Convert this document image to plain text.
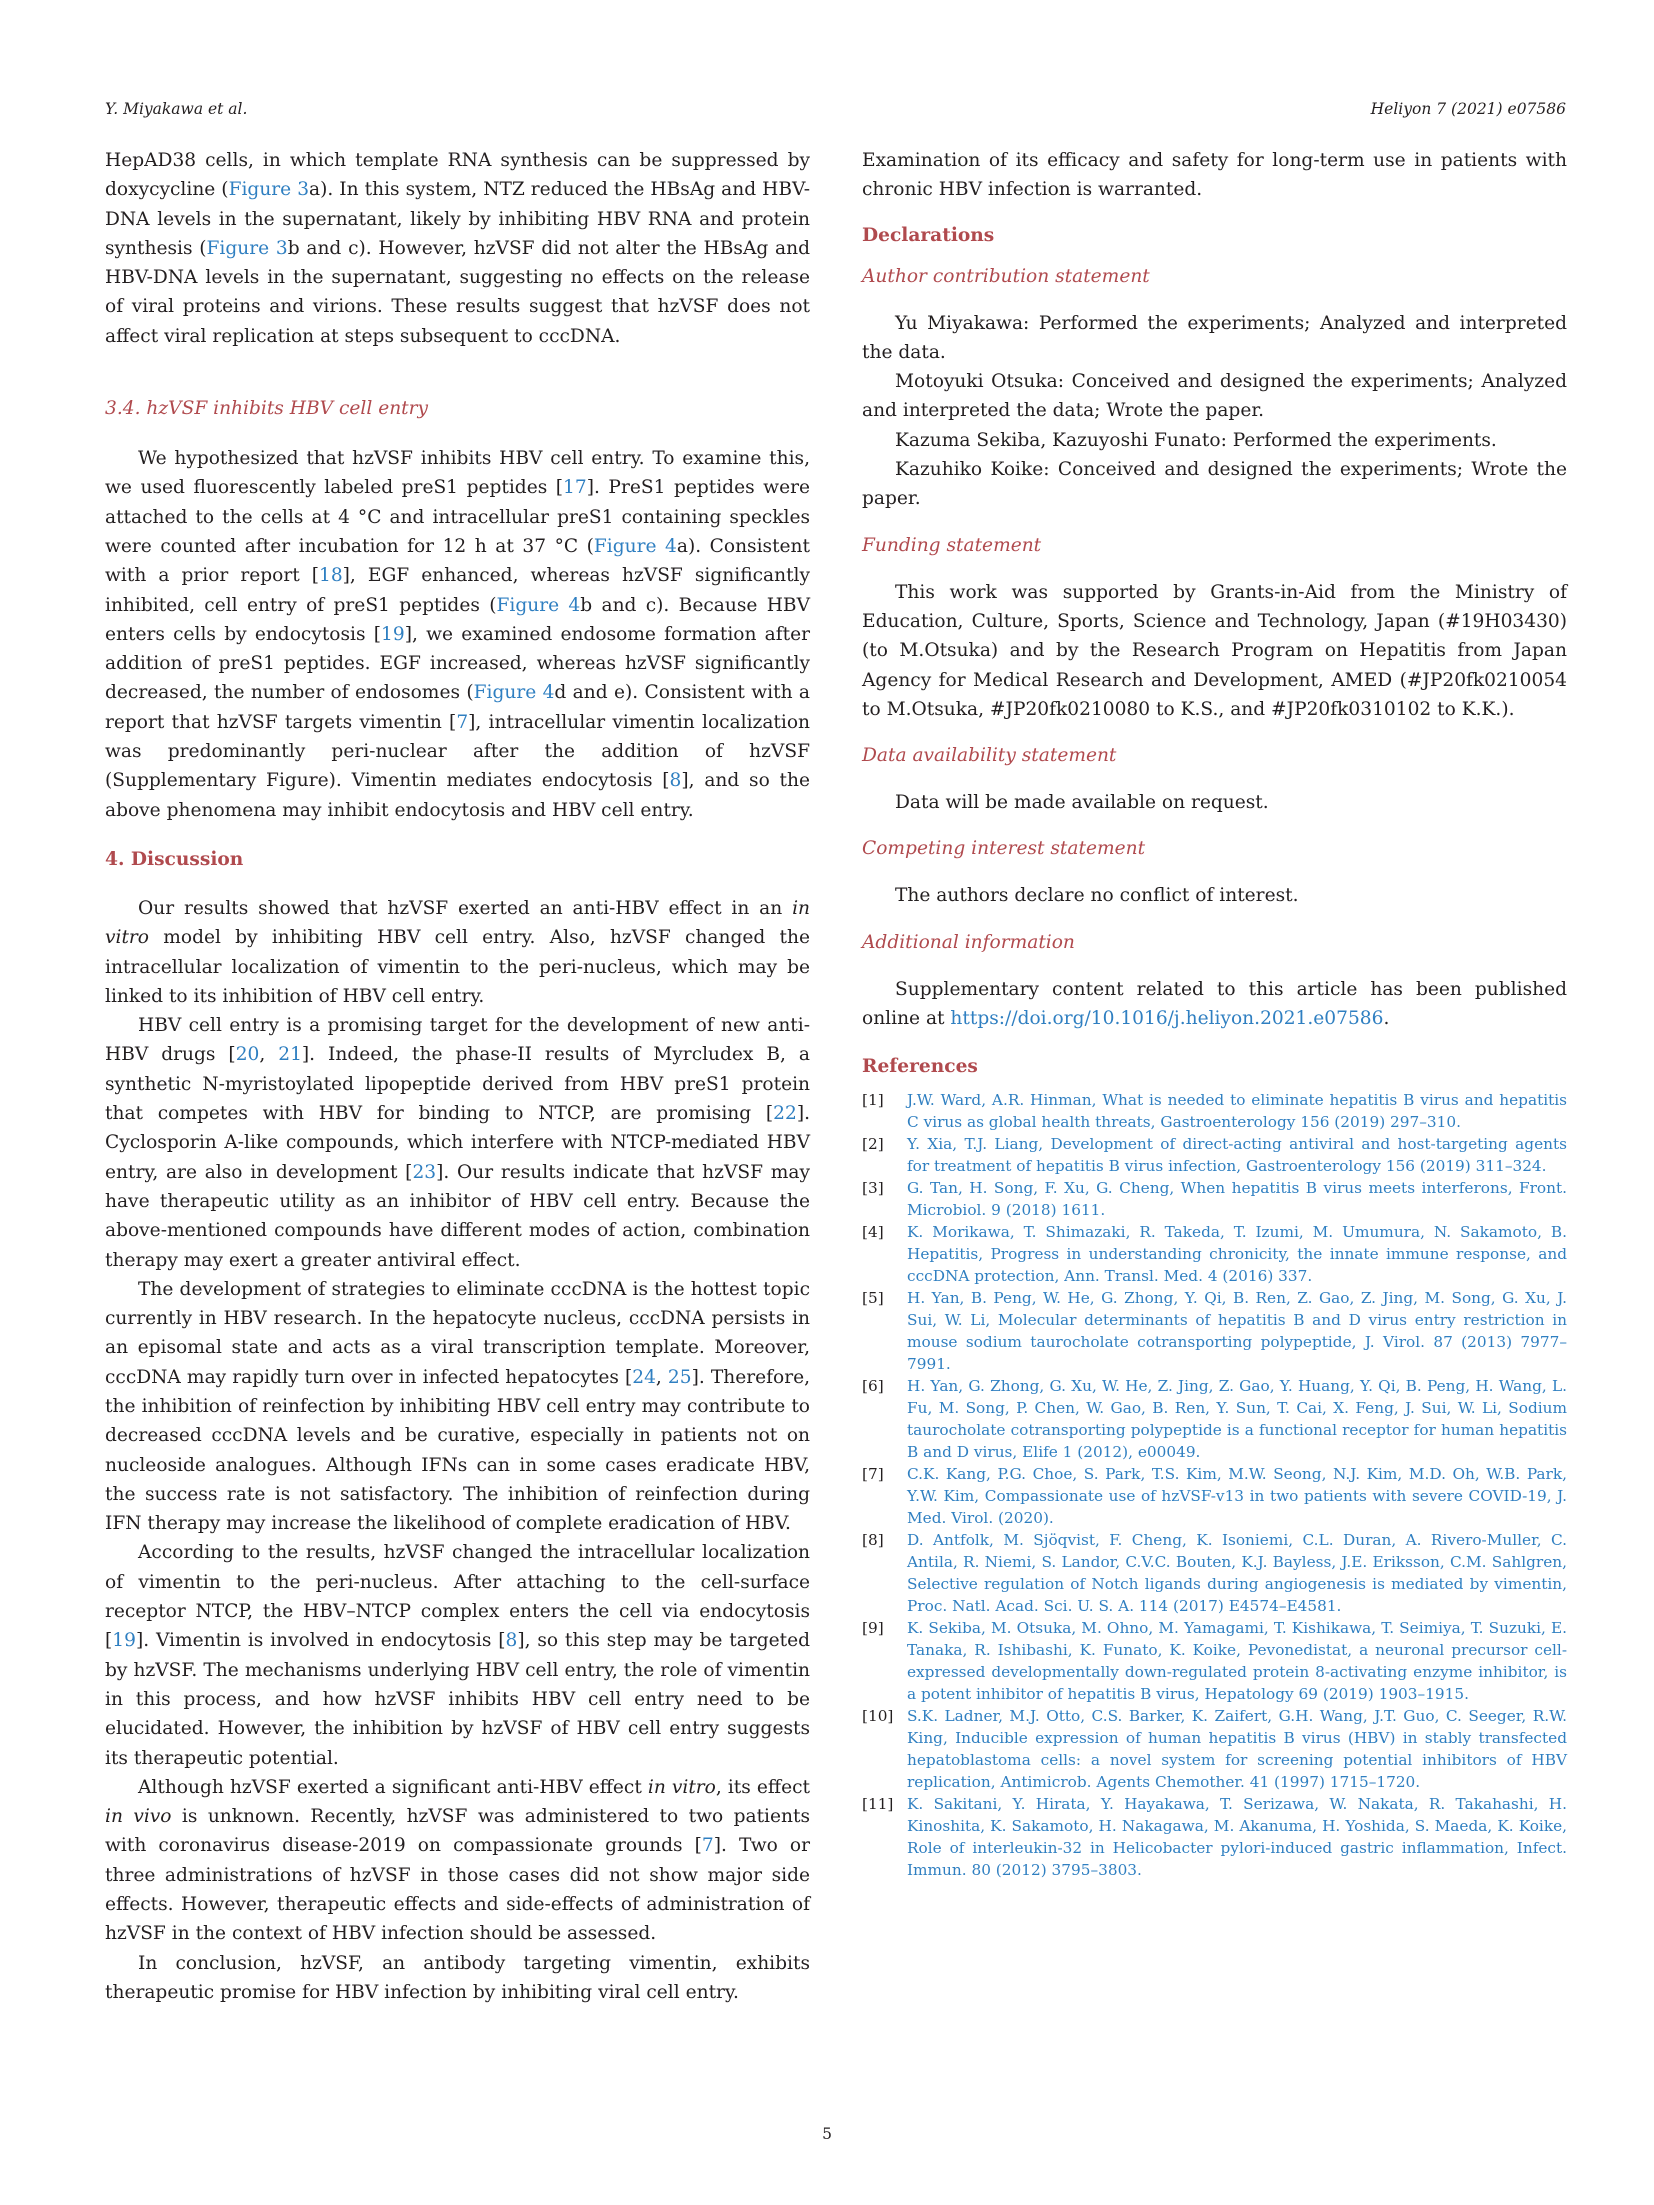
Y. Miyakawa et al.	Heliyon 7 (2021) e07586

HepAD38 cells, in which template RNA synthesis can be suppressed by doxycycline (Figure 3a). In this system, NTZ reduced the HBsAg and HBV-DNA levels in the supernatant, likely by inhibiting HBV RNA and protein synthesis (Figure 3b and c). However, hzVSF did not alter the HBsAg and HBV-DNA levels in the supernatant, suggesting no effects on the release of viral proteins and virions. These results suggest that hzVSF does not affect viral replication at steps subsequent to cccDNA.

3.4. hzVSF inhibits HBV cell entry

We hypothesized that hzVSF inhibits HBV cell entry. To examine this, we used fluorescently labeled preS1 peptides [17]. PreS1 peptides were attached to the cells at 4 °C and intracellular preS1 containing speckles were counted after incubation for 12 h at 37 °C (Figure 4a). Consistent with a prior report [18], EGF enhanced, whereas hzVSF significantly inhibited, cell entry of preS1 peptides (Figure 4b and c). Because HBV enters cells by endocytosis [19], we examined endosome formation after addition of preS1 peptides. EGF increased, whereas hzVSF significantly decreased, the number of endosomes (Figure 4d and e). Consistent with a report that hzVSF targets vimentin [7], intracellular vimentin localization was predominantly peri-nuclear after the addition of hzVSF (Supplementary Figure). Vimentin mediates endocytosis [8], and so the above phenomena may inhibit endocytosis and HBV cell entry.

4. Discussion

Our results showed that hzVSF exerted an anti-HBV effect in an in vitro model by inhibiting HBV cell entry. Also, hzVSF changed the intracellular localization of vimentin to the peri-nucleus, which may be linked to its inhibition of HBV cell entry.

HBV cell entry is a promising target for the development of new anti-HBV drugs [20, 21]. Indeed, the phase-II results of Myrcludex B, a synthetic N-myristoylated lipopeptide derived from HBV preS1 protein that competes with HBV for binding to NTCP, are promising [22]. Cyclosporin A-like compounds, which interfere with NTCP-mediated HBV entry, are also in development [23]. Our results indicate that hzVSF may have therapeutic utility as an inhibitor of HBV cell entry. Because the above-mentioned compounds have different modes of action, combination therapy may exert a greater antiviral effect.

The development of strategies to eliminate cccDNA is the hottest topic currently in HBV research. In the hepatocyte nucleus, cccDNA persists in an episomal state and acts as a viral transcription template. Moreover, cccDNA may rapidly turn over in infected hepatocytes [24, 25]. Therefore, the inhibition of reinfection by inhibiting HBV cell entry may contribute to decreased cccDNA levels and be curative, especially in patients not on nucleoside analogues. Although IFNs can in some cases eradicate HBV, the success rate is not satisfactory. The inhibition of reinfection during IFN therapy may increase the likelihood of complete eradication of HBV.

According to the results, hzVSF changed the intracellular localization of vimentin to the peri-nucleus. After attaching to the cell-surface receptor NTCP, the HBV–NTCP complex enters the cell via endocytosis [19]. Vimentin is involved in endocytosis [8], so this step may be targeted by hzVSF. The mechanisms underlying HBV cell entry, the role of vimentin in this process, and how hzVSF inhibits HBV cell entry need to be elucidated. However, the inhibition by hzVSF of HBV cell entry suggests its therapeutic potential.

Although hzVSF exerted a significant anti-HBV effect in vitro, its effect in vivo is unknown. Recently, hzVSF was administered to two patients with coronavirus disease-2019 on compassionate grounds [7]. Two or three administrations of hzVSF in those cases did not show major side effects. However, therapeutic effects and side-effects of administration of hzVSF in the context of HBV infection should be assessed.

In conclusion, hzVSF, an antibody targeting vimentin, exhibits therapeutic promise for HBV infection by inhibiting viral cell entry.

Examination of its efficacy and safety for long-term use in patients with chronic HBV infection is warranted.

Declarations

Author contribution statement

Yu Miyakawa: Performed the experiments; Analyzed and interpreted the data.

Motoyuki Otsuka: Conceived and designed the experiments; Analyzed and interpreted the data; Wrote the paper.

Kazuma Sekiba, Kazuyoshi Funato: Performed the experiments.

Kazuhiko Koike: Conceived and designed the experiments; Wrote the paper.

Funding statement

This work was supported by Grants-in-Aid from the Ministry of Education, Culture, Sports, Science and Technology, Japan (#19H03430) (to M.Otsuka) and by the Research Program on Hepatitis from Japan Agency for Medical Research and Development, AMED (#JP20fk0210054 to M.Otsuka, #JP20fk0210080 to K.S., and #JP20fk0310102 to K.K.).

Data availability statement

Data will be made available on request.

Competing interest statement

The authors declare no conflict of interest.

Additional information

Supplementary content related to this article has been published online at https://doi.org/10.1016/j.heliyon.2021.e07586.

References

[1]	J.W. Ward, A.R. Hinman, What is needed to eliminate hepatitis B virus and hepatitis C virus as global health threats, Gastroenterology 156 (2019) 297–310.
[2]	Y. Xia, T.J. Liang, Development of direct-acting antiviral and host-targeting agents for treatment of hepatitis B virus infection, Gastroenterology 156 (2019) 311–324.
[3]	G. Tan, H. Song, F. Xu, G. Cheng, When hepatitis B virus meets interferons, Front. Microbiol. 9 (2018) 1611.
[4]	K. Morikawa, T. Shimazaki, R. Takeda, T. Izumi, M. Umumura, N. Sakamoto, B. Hepatitis, Progress in understanding chronicity, the innate immune response, and cccDNA protection, Ann. Transl. Med. 4 (2016) 337.
[5]	H. Yan, B. Peng, W. He, G. Zhong, Y. Qi, B. Ren, Z. Gao, Z. Jing, M. Song, G. Xu, J. Sui, W. Li, Molecular determinants of hepatitis B and D virus entry restriction in mouse sodium taurocholate cotransporting polypeptide, J. Virol. 87 (2013) 7977–7991.
[6]	H. Yan, G. Zhong, G. Xu, W. He, Z. Jing, Z. Gao, Y. Huang, Y. Qi, B. Peng, H. Wang, L. Fu, M. Song, P. Chen, W. Gao, B. Ren, Y. Sun, T. Cai, X. Feng, J. Sui, W. Li, Sodium taurocholate cotransporting polypeptide is a functional receptor for human hepatitis B and D virus, Elife 1 (2012), e00049.
[7]	C.K. Kang, P.G. Choe, S. Park, T.S. Kim, M.W. Seong, N.J. Kim, M.D. Oh, W.B. Park, Y.W. Kim, Compassionate use of hzVSF-v13 in two patients with severe COVID-19, J. Med. Virol. (2020).
[8]	D. Antfolk, M. Sjöqvist, F. Cheng, K. Isoniemi, C.L. Duran, A. Rivero-Muller, C. Antila, R. Niemi, S. Landor, C.V.C. Bouten, K.J. Bayless, J.E. Eriksson, C.M. Sahlgren, Selective regulation of Notch ligands during angiogenesis is mediated by vimentin, Proc. Natl. Acad. Sci. U. S. A. 114 (2017) E4574–E4581.
[9]	K. Sekiba, M. Otsuka, M. Ohno, M. Yamagami, T. Kishikawa, T. Seimiya, T. Suzuki, E. Tanaka, R. Ishibashi, K. Funato, K. Koike, Pevonedistat, a neuronal precursor cell-expressed developmentally down-regulated protein 8-activating enzyme inhibitor, is a potent inhibitor of hepatitis B virus, Hepatology 69 (2019) 1903–1915.
[10] S.K. Ladner, M.J. Otto, C.S. Barker, K. Zaifert, G.H. Wang, J.T. Guo, C. Seeger, R.W. King, Inducible expression of human hepatitis B virus (HBV) in stably transfected hepatoblastoma cells: a novel system for screening potential inhibitors of HBV replication, Antimicrob. Agents Chemother. 41 (1997) 1715–1720.
[11] K. Sakitani, Y. Hirata, Y. Hayakawa, T. Serizawa, W. Nakata, R. Takahashi, H. Kinoshita, K. Sakamoto, H. Nakagawa, M. Akanuma, H. Yoshida, S. Maeda, K. Koike, Role of interleukin-32 in Helicobacter pylori-induced gastric inflammation, Infect. Immun. 80 (2012) 3795–3803.
5
